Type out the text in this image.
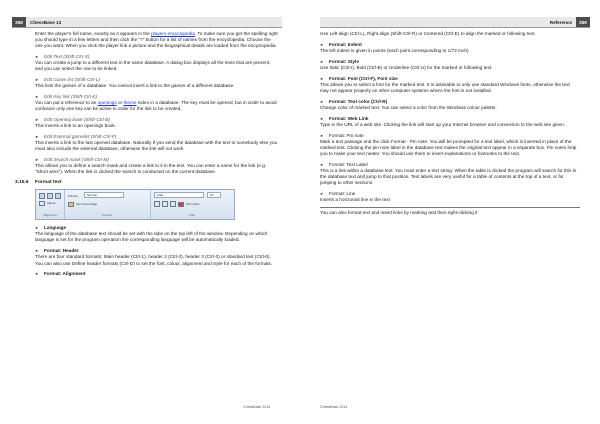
358	ChessBase 13

Enter the player's full name, exactly as it appears in the players encyclopedia. To make sure you get the spelling right you should type in a few letters and then click the "?" button for a list of names from the encyclopedia. Choose the one you want. When you click the player link a picture and the biographical details are loaded from the encyclopedia.

► Edit Text (Shift-Ctrl-X)

You can create a jump to a different text in the same database. A dialog box displays all the texts that are present, and you can select the one to be linked.

► Edit Game list (Shift-Ctrl-L)

This lists the games of a database. You cannot insert a link to the games of a different database.

► Edit Key link (Shift-Ctrl-K)

You can put a reference to an openings or theme index in a database. The key must be opened, but in order to avoid confusion only one key can be active in order for the link to be created.

► Edit Opening book (Shift-Ctrl-B)

This inserts a link to an openings book.

► Edit External gamelist (Shift-Ctrl-F)

This inserts a link to the last opened database. Naturally if you send the database with the text to somebody else you must also include the external database, otherwise the link will not work.

► Edit Search mask (Shift-Ctrl-M)

This allows you to define a search mask and create a link to it in the text. You can enter a name for the link (e.g. "Short wins"). When the link is clicked the search is conducted on the current database.

3.15.6 Format text
Indent
Alignment
Format	Normal
Set Cross Page
Format
Arial	10
Text Color
Font
► Language

The language of the database text should be set with the tabs on the top left of the window. Depending on which language is set for the program operation the corresponding language will be automatically loaded.

► Format: Header

There are four standard formats: Main header (Ctrl-1), header 2 (Ctrl-2), header 3 (Ctrl-3) or standard text (Ctrl-0). You can also use Define header formats (Ctrl-D) to set the font, colour, alignment and style for each of the formats.

► Format: Alignment
ChessBase 2014
Reference	359

Use Left align (Ctrl-L), Right align (Shift-Ctrl-R) or Centered (Ctrl-E) to align the marked or following text.

► Format: Indent

The left indent is given in points (each point corresponding to 1/72 Inch)

► Format: Style

Use Italic (Ctrl-I), Bold (Ctrl-B) or Underline (Ctrl-U) for the marked or following text.

► Format: Font (Ctrl-F), Font size

This allows you to select a font for the marked text. It is advisable to only use standard Windows fonts, otherwise the text may not appear properly on other computer systems where the font is not installed.

► Format: Text color (Ctrl-R)

Change color of marked text. You can select a color from the Windows colour palette.

► Format: Web Link

Type in the URL of a web site. Clicking the link will start up your Internet browser and connection to the web site given.

► Format: Pin note

Mark a text passage and the click Format - Pin note. You will be prompted for a text label, which is inserted in place of the marked text. Clicking the pin note label in the database text makes the original text appear in a separate box. Pin notes help you to make your text neater. You should use them to insert explanations or footnotes to the text.

► Format: Text Label

This is a link within a database text. You must enter a text string. When the table is clicked the program will search for this in the database text and jump to that position. Text labels are very useful for a table of contents at the top of a text, or for jumping to other sections.

► Format: Line

Inserts a horizontal line in the text

You can also format text and insert links by marking and then right-clicking it

ChessBase 2014
